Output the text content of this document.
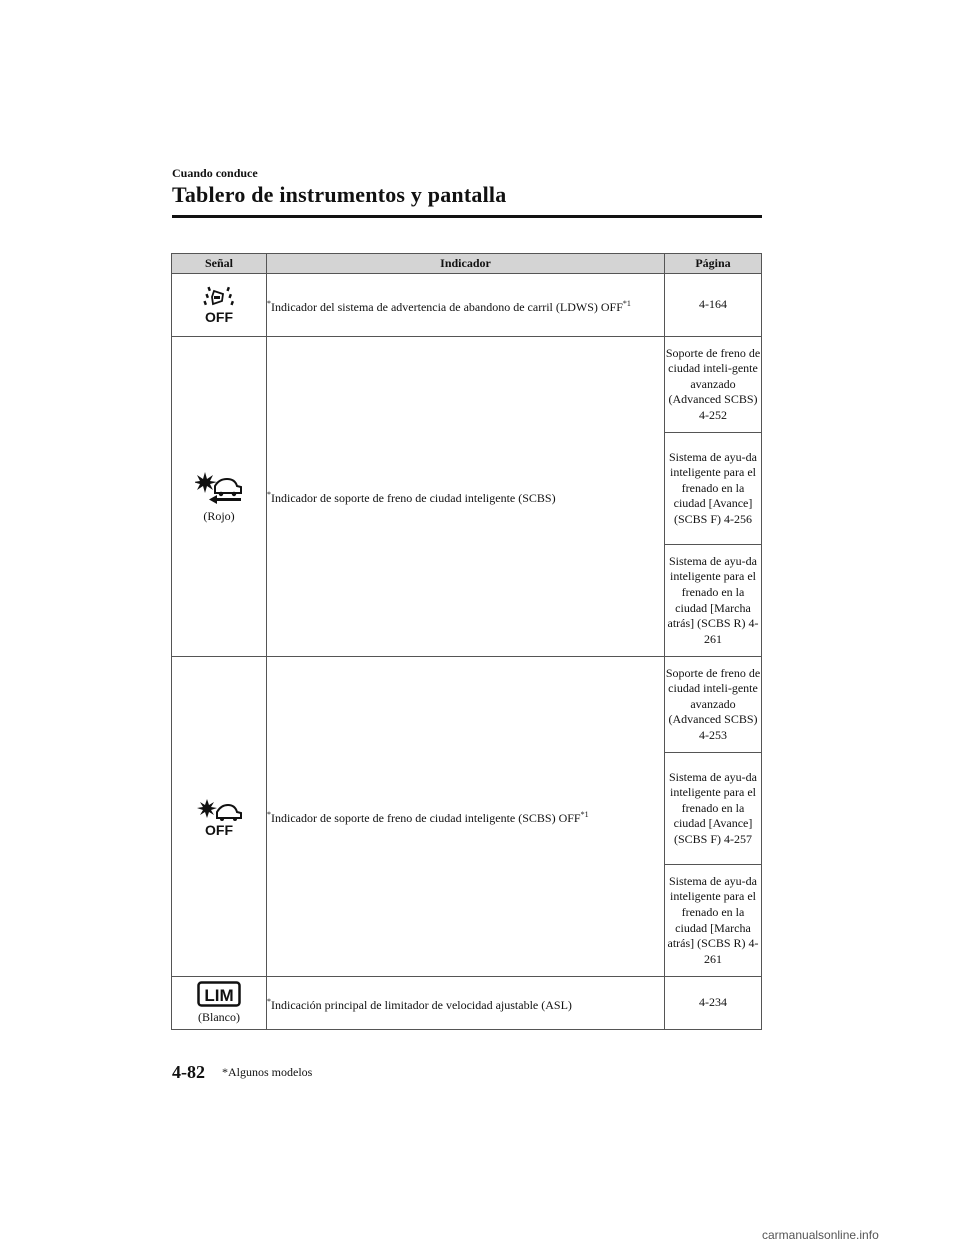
Cuando conduce
Tablero de instrumentos y pantalla
Señal	Indicador	Página

OFF	*Indicador del sistema de advertencia de abandono de carril (LDWS) OFF$^{*1}$	4-164

(Rojo)	*Indicador de soporte de freno de ciudad inteligente (SCBS)	Soporte de freno de ciudad inteli-gente avanzado (Advanced SCBS) 4-252
		Sistema de ayu-da inteligente para el frenado en la ciudad [Avance] (SCBS F) 4-256
		Sistema de ayu-da inteligente para el frenado en la ciudad [Marcha atrás] (SCBS R) 4-261

OFF	*Indicador de soporte de freno de ciudad inteligente (SCBS) OFF$^{*1}$	Soporte de freno de ciudad inteli-gente avanzado (Advanced SCBS) 4-253
		Sistema de ayu-da inteligente para el frenado en la ciudad [Avance] (SCBS F) 4-257
		Sistema de ayu-da inteligente para el frenado en la ciudad [Marcha atrás] (SCBS R) 4-261

LIM
(Blanco)	*Indicación principal de limitador de velocidad ajustable (ASL)	4-234
4-82 *Algunos modelos
carmanualsonline.info
